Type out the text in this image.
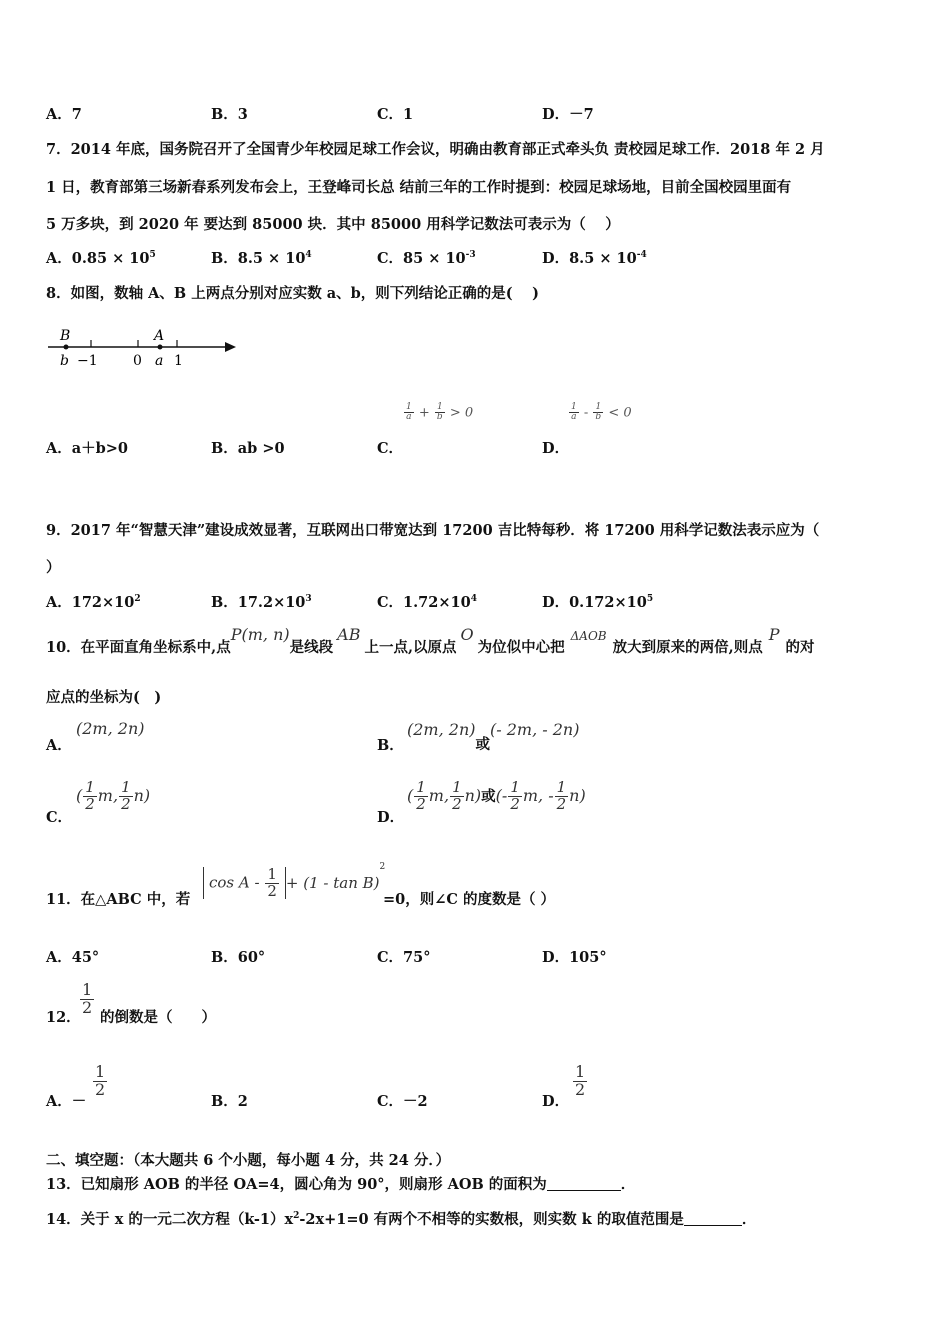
A．7	B．3	C．1	D．－7
7．2014 年底，国务院召开了全国青少年校园足球工作会议，明确由教育部正式牵头负 责校园足球工作．2018 年 2 月
1 日，教育部第三场新春系列发布会上，王登峰司长总 结前三年的工作时提到：校园足球场地，目前全国校园里面有
5 万多块，到 2020 年 要达到 85000 块．其中 85000 用科学记数法可表示为（　 ）
A．$0.85 \times 10^5$	B．$8.5 \times 10^4$	C．$85 \times 10^{-3}$	D．$8.5 \times 10^{-4}$
8．如图，数轴 A、B 上两点分别对应实数 a、b，则下列结论正确的是(　 )
B
b −1	0
A
a 1
A．a＋b>0	B．ab >0	C．
$\frac{1}{a} + \frac{1}{b} > 0$
D．
$\frac{1}{a} - \frac{1}{b} < 0$
9．2017 年“智慧天津”建设成效显著，互联网出口带宽达到 17200 吉比特每秒．将 17200 用科学记数法表示应为（
）
A．$172\times 10^2$	B．$17.2\times 10^3$	C．$1.72\times 10^4$	D．$0.172\times 10^5$
10．在平面直角坐标系中,点P(m, n)是线段AB上一点,以原点O为位似中心把$^{\Delta AOB}$放大到原来的两倍,则点P的对
应点的坐标为(　)
A．
(2m, 2n)
B．
(2m, 2n)或(- 2m, - 2n)
C．
( $\frac{1}{2} m$, $\frac{1}{2} n$)
D．
( $\frac{1}{2} m$, $\frac{1}{2} n$)或(- $\frac{1}{2} m$, - $\frac{1}{2} n$)
11．在△ABC 中，若
$\cos A - \frac{1}{2} + (1 - \tan B)^2$
=0，则∠C 的度数是（ ）
A．45°	B．60°	C．75°	D．105°
12．
$\frac{1}{2}$
的倒数是（　　）
A．－
$\frac{1}{2}$
B．2	C．－2	D．
$\frac{1}{2}$
二、填空题：（本大题共 6 个小题，每小题 4 分，共 24 分．）
13．已知扇形 AOB 的半径 OA=4，圆心角为 90°，则扇形 AOB 的面积为	．
14．关于 x 的一元二次方程$(k-1)x^2-2x+1=0$ 有两个不相等的实数根，则实数 k 的取值范围是	．
